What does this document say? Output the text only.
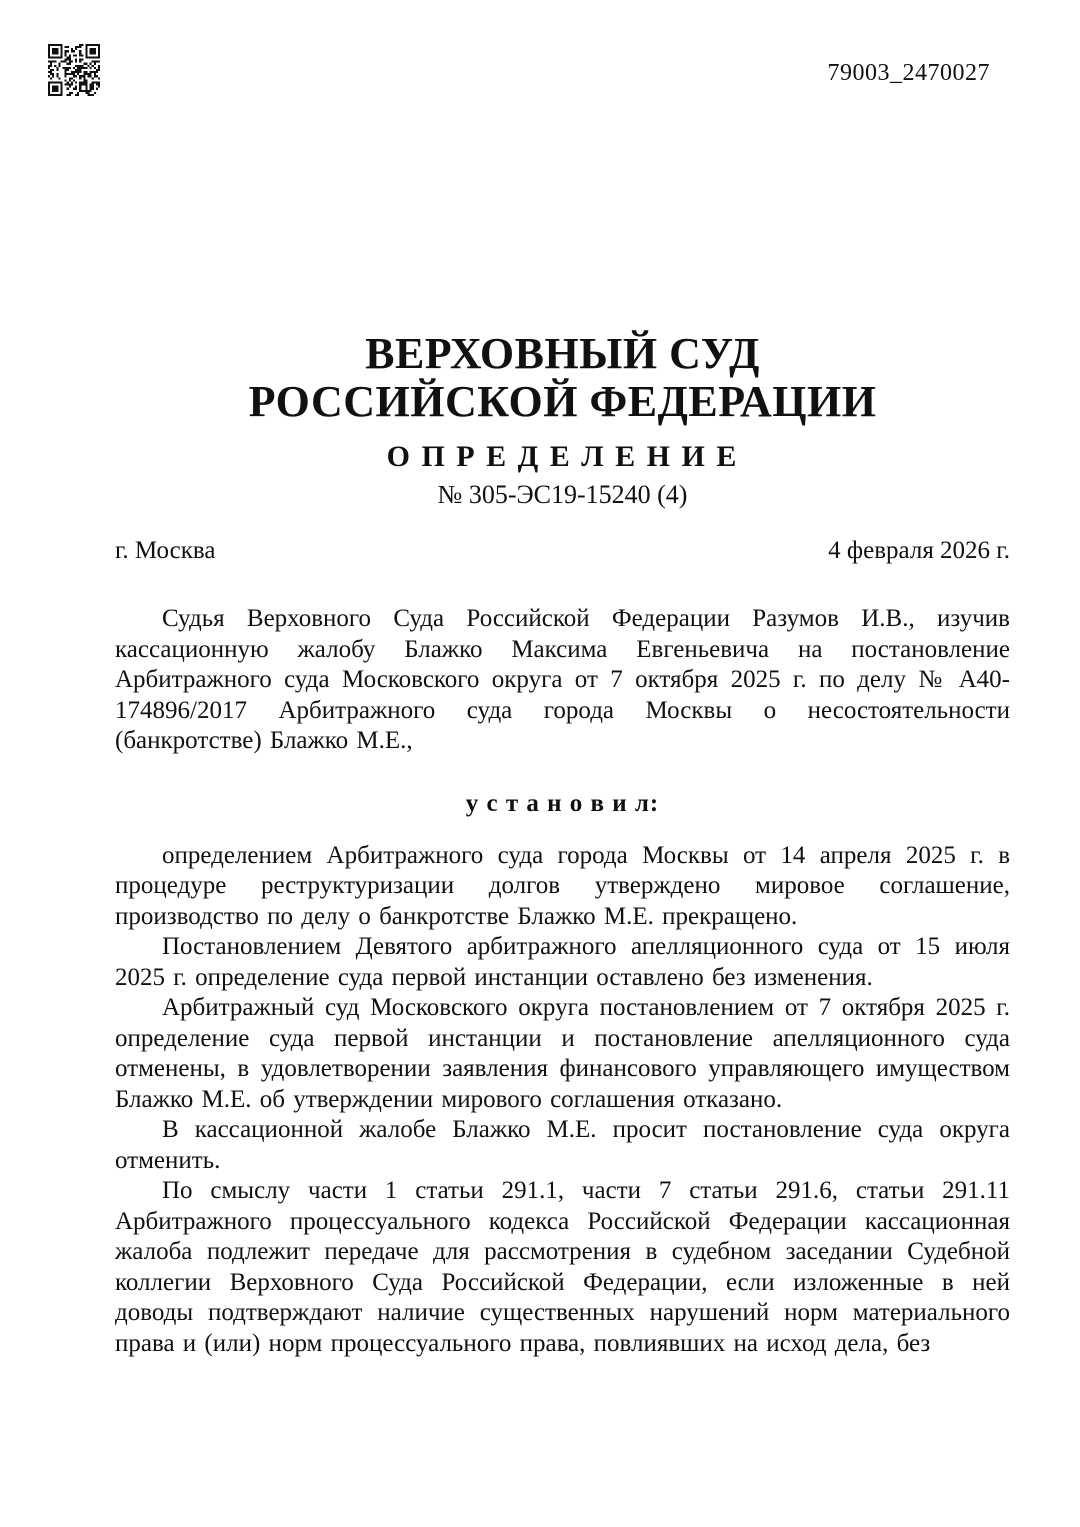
79003_2470027
ВЕРХОВНЫЙ СУД
РОССИЙСКОЙ ФЕДЕРАЦИИ
О П Р Е Д Е Л Е Н И Е
№ 305-ЭС19-15240 (4)
г. Москва	4 февраля 2026 г.

Судья Верховного Суда Российской Федерации Разумов И.В., изучив кассационную жалобу Блажко Максима Евгеньевича на постановление Арбитражного суда Московского округа от 7 октября 2025 г. по делу № А40-174896/2017 Арбитражного суда города Москвы о несостоятельности (банкротстве) Блажко М.Е.,

у с т а н о в и л:

определением Арбитражного суда города Москвы от 14 апреля 2025 г. в процедуре реструктуризации долгов утверждено мировое соглашение, производство по делу о банкротстве Блажко М.Е. прекращено.

Постановлением Девятого арбитражного апелляционного суда от 15 июля 2025 г. определение суда первой инстанции оставлено без изменения.

Арбитражный суд Московского округа постановлением от 7 октября 2025 г. определение суда первой инстанции и постановление апелляционного суда отменены, в удовлетворении заявления финансового управляющего имуществом Блажко М.Е. об утверждении мирового соглашения отказано.

В кассационной жалобе Блажко М.Е. просит постановление суда округа отменить.

По смыслу части 1 статьи 291.1, части 7 статьи 291.6, статьи 291.11 Арбитражного процессуального кодекса Российской Федерации кассационная жалоба подлежит передаче для рассмотрения в судебном заседании Судебной коллегии Верховного Суда Российской Федерации, если изложенные в ней доводы подтверждают наличие существенных нарушений норм материального права и (или) норм процессуального права, повлиявших на исход дела, без
